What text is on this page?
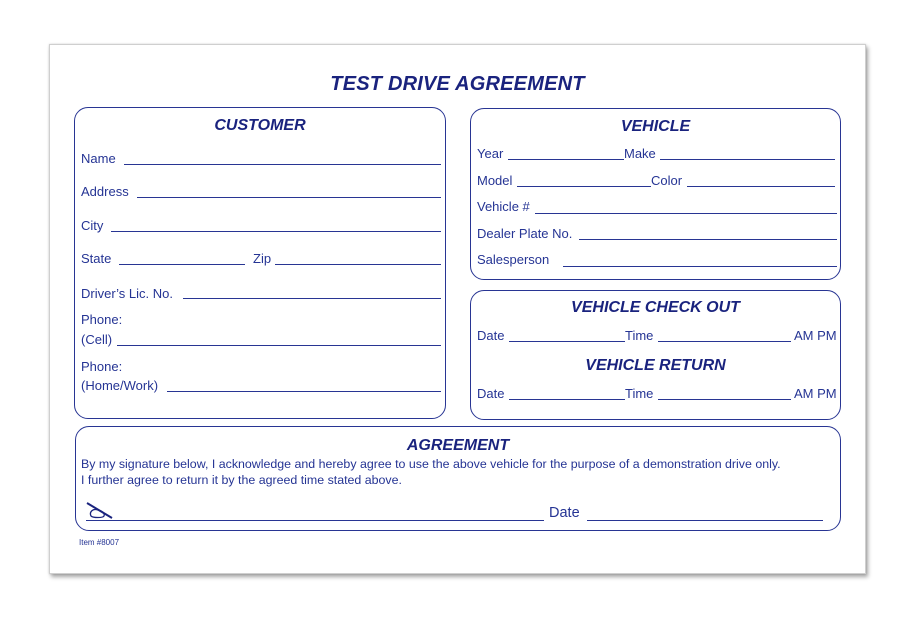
TEST DRIVE AGREEMENT
CUSTOMER
Name
Address
City
State	Zip
Driver’s Lic. No.
Phone:
(Cell)
Phone:
(Home/Work)
VEHICLE
Year	Make
Model	Color
Vehicle #
Dealer Plate No.
Salesperson
VEHICLE CHECK OUT
Date	Time	AM PM
VEHICLE RETURN
Date	Time	AM PM
AGREEMENT
By my signature below, I acknowledge and hereby agree to use the above vehicle for the purpose of a demonstration drive only.
I further agree to return it by the agreed time stated above.
Date
Item #8007
